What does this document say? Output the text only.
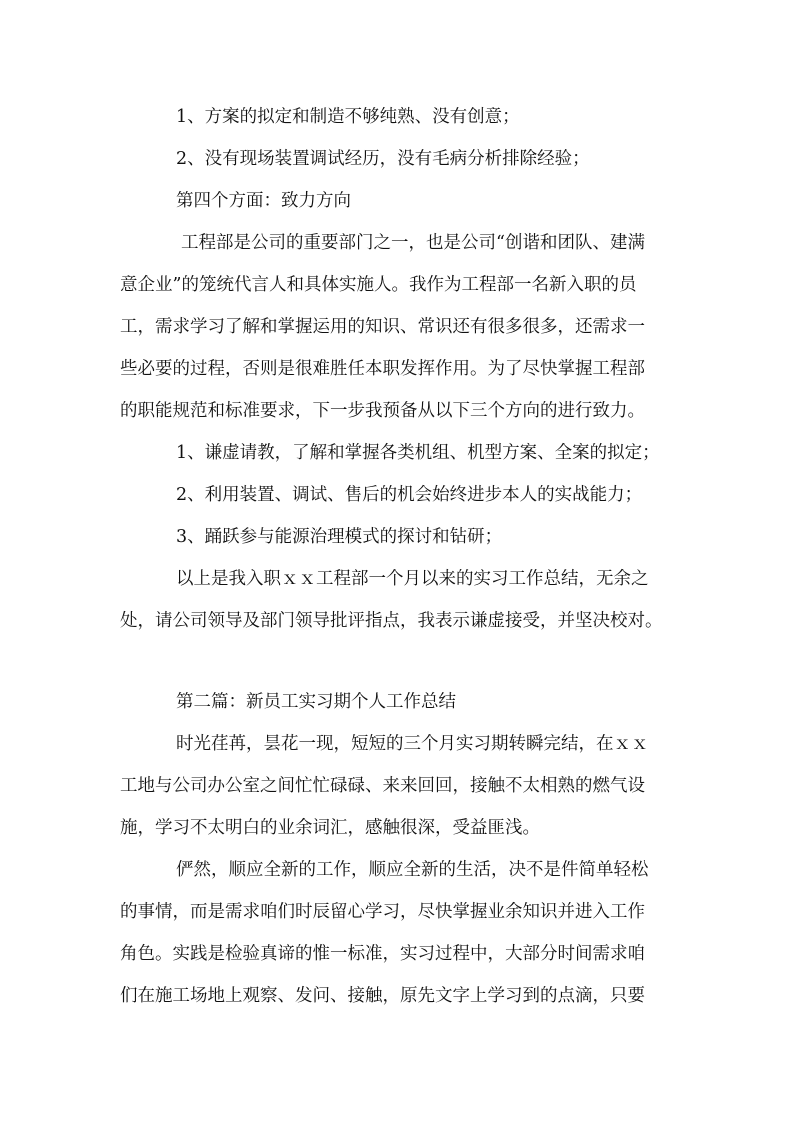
1、方案的拟定和制造不够纯熟、没有创意；

2、没有现场装置调试经历，没有毛病分析排除经验；

第四个方面：致力方向

工程部是公司的重要部门之一，也是公司“创谐和团队、建满

意企业”的笼统代言人和具体实施人。我作为工程部一名新入职的员

工，需求学习了解和掌握运用的知识、常识还有很多很多，还需求一

些必要的过程，否则是很难胜任本职发挥作用。为了尽快掌握工程部

的职能规范和标准要求，下一步我预备从以下三个方向的进行致力。

1、谦虚请教，了解和掌握各类机组、机型方案、全案的拟定；

2、利用装置、调试、售后的机会始终进步本人的实战能力；

3、踊跃参与能源治理模式的探讨和钻研；

以上是我入职ｘｘ工程部一个月以来的实习工作总结，无余之

处，请公司领导及部门领导批评指点，我表示谦虚接受，并坚决校对。

第二篇：新员工实习期个人工作总结

时光荏苒，昙花一现，短短的三个月实习期转瞬完结，在ｘｘ

工地与公司办公室之间忙忙碌碌、来来回回，接触不太相熟的燃气设

施，学习不太明白的业余词汇，感触很深，受益匪浅。

俨然，顺应全新的工作，顺应全新的生活，决不是件简单轻松

的事情，而是需求咱们时辰留心学习，尽快掌握业余知识并进入工作

角色。实践是检验真谛的惟一标准，实习过程中，大部分时间需求咱

们在施工场地上观察、发问、接触，原先文字上学习到的点滴，只要
